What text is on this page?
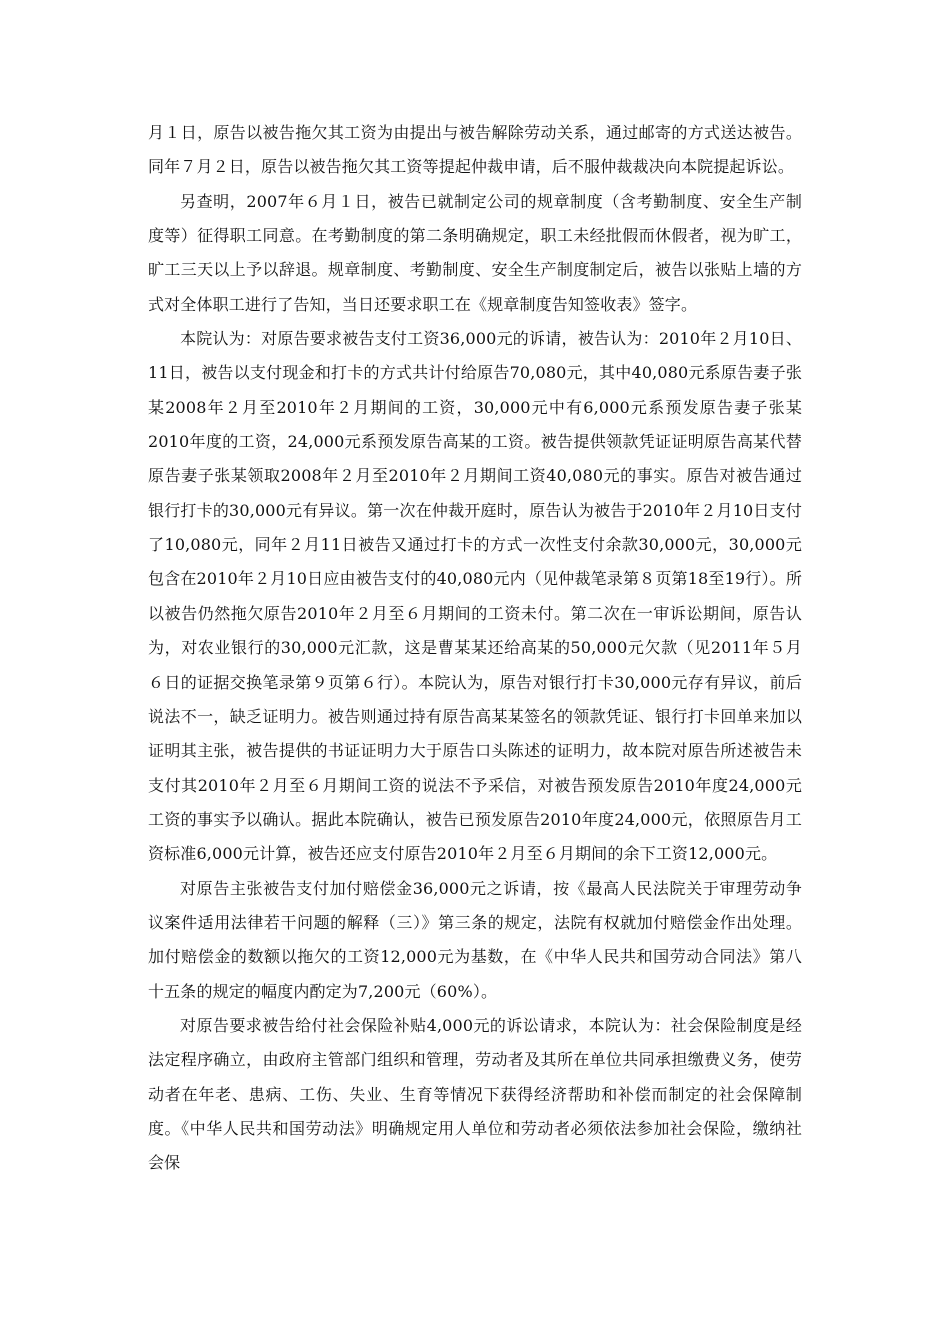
月１日，原告以被告拖欠其工资为由提出与被告解除劳动关系，通过邮寄的方式送达被告。同年７月２日，原告以被告拖欠其工资等提起仲裁申请，后不服仲裁裁决向本院提起诉讼。

另查明，2007年６月１日，被告已就制定公司的规章制度（含考勤制度、安全生产制度等）征得职工同意。在考勤制度的第二条明确规定，职工未经批假而休假者，视为旷工，旷工三天以上予以辞退。规章制度、考勤制度、安全生产制度制定后，被告以张贴上墙的方式对全体职工进行了告知，当日还要求职工在《规章制度告知签收表》签字。

本院认为：对原告要求被告支付工资36,000元的诉请，被告认为：2010年２月10日、11日，被告以支付现金和打卡的方式共计付给原告70,080元，其中40,080元系原告妻子张某2008年２月至2010年２月期间的工资，30,000元中有6,000元系预发原告妻子张某2010年度的工资，24,000元系预发原告高某的工资。被告提供领款凭证证明原告高某代替原告妻子张某领取2008年２月至2010年２月期间工资40,080元的事实。原告对被告通过银行打卡的30,000元有异议。第一次在仲裁开庭时，原告认为被告于2010年２月10日支付了10,080元，同年２月11日被告又通过打卡的方式一次性支付余款30,000元，30,000元包含在2010年２月10日应由被告支付的40,080元内（见仲裁笔录第８页第18至19行）。所以被告仍然拖欠原告2010年２月至６月期间的工资未付。第二次在一审诉讼期间，原告认为，对农业银行的30,000元汇款，这是曹某某还给高某的50,000元欠款（见2011年５月６日的证据交换笔录第９页第６行）。本院认为，原告对银行打卡30,000元存有异议，前后说法不一，缺乏证明力。被告则通过持有原告高某某签名的领款凭证、银行打卡回单来加以证明其主张，被告提供的书证证明力大于原告口头陈述的证明力，故本院对原告所述被告未支付其2010年２月至６月期间工资的说法不予采信，对被告预发原告2010年度24,000元工资的事实予以确认。据此本院确认，被告已预发原告2010年度24,000元，依照原告月工资标准6,000元计算，被告还应支付原告2010年２月至６月期间的余下工资12,000元。

对原告主张被告支付加付赔偿金36,000元之诉请，按《最高人民法院关于审理劳动争议案件适用法律若干问题的解释（三）》第三条的规定，法院有权就加付赔偿金作出处理。加付赔偿金的数额以拖欠的工资12,000元为基数，在《中华人民共和国劳动合同法》第八十五条的规定的幅度内酌定为7,200元（60%）。

对原告要求被告给付社会保险补贴4,000元的诉讼请求，本院认为：社会保险制度是经法定程序确立，由政府主管部门组织和管理，劳动者及其所在单位共同承担缴费义务，使劳动者在年老、患病、工伤、失业、生育等情况下获得经济帮助和补偿而制定的社会保障制度。《中华人民共和国劳动法》明确规定用人单位和劳动者必须依法参加社会保险，缴纳社会保
